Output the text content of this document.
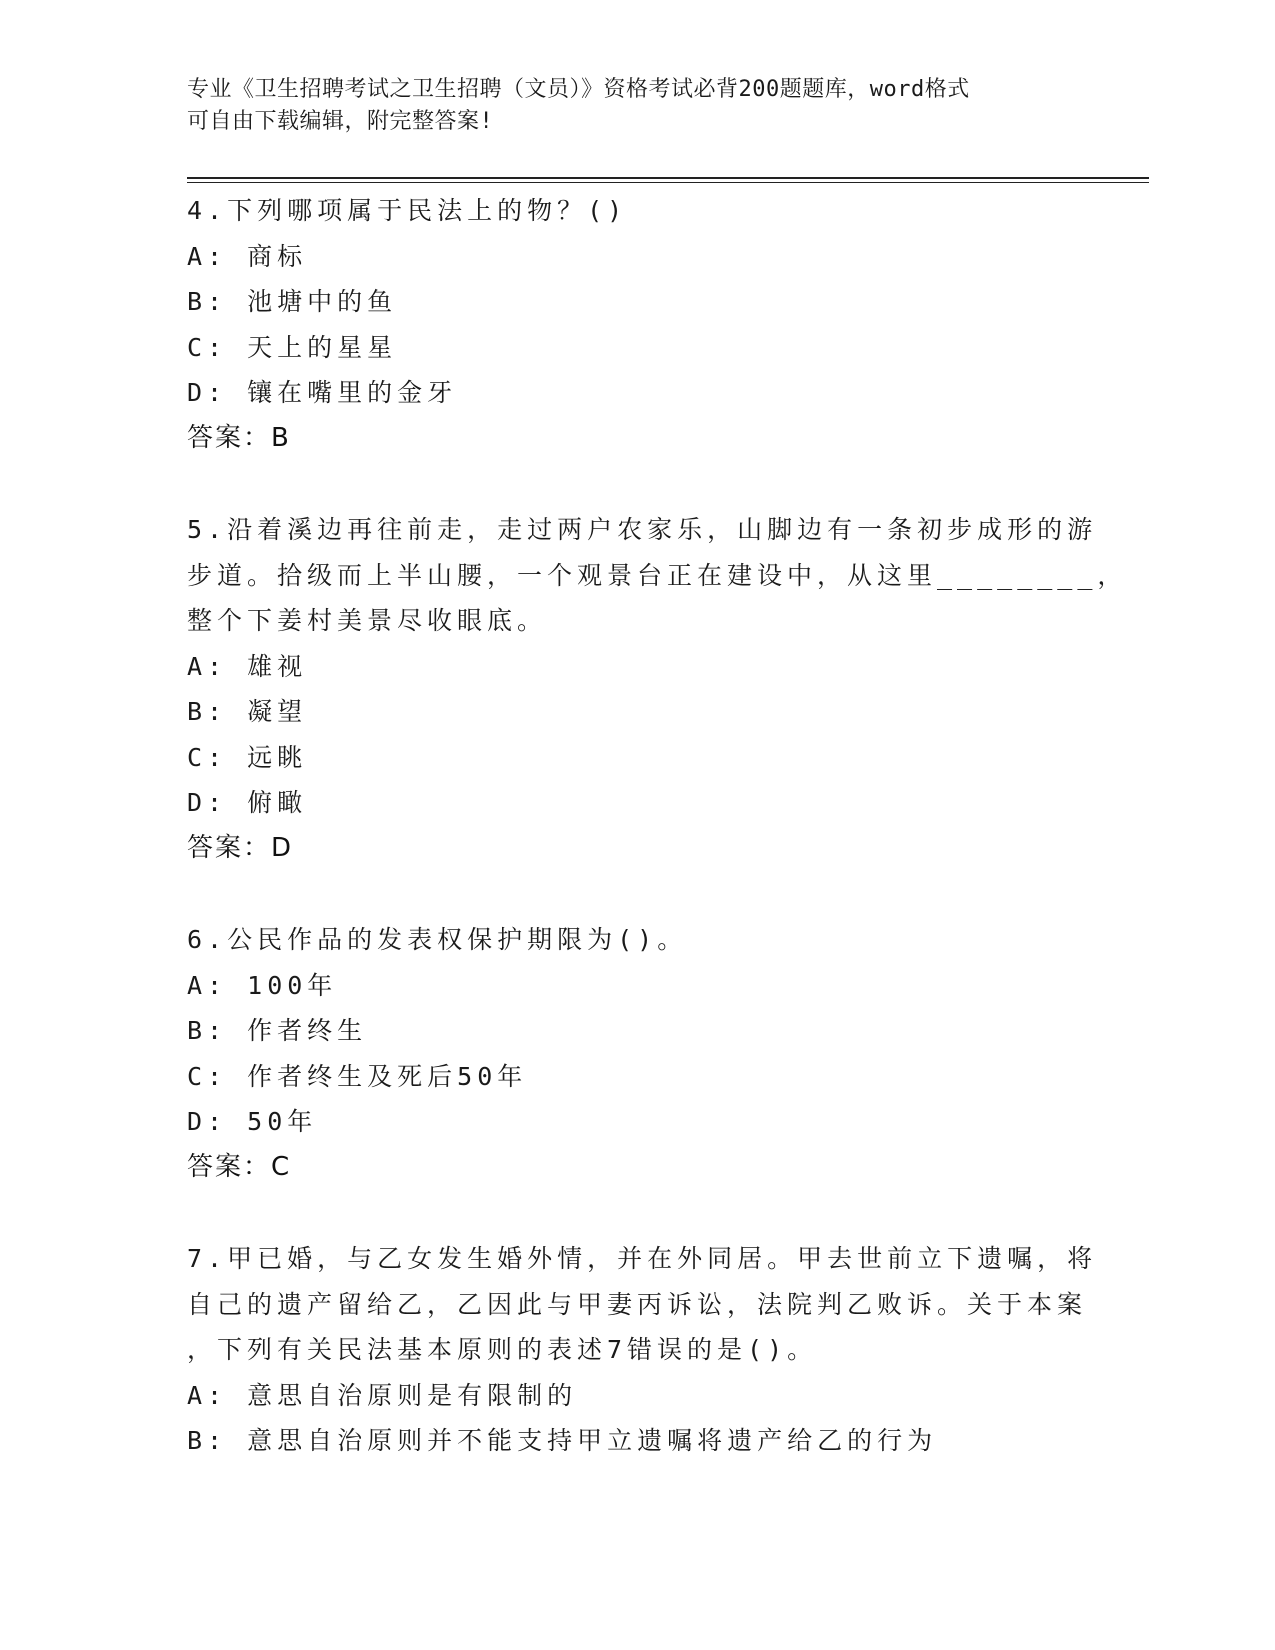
专业《卫生招聘考试之卫生招聘（文员）》资格考试必背200题题库，word格式
可自由下载编辑，附完整答案!
4.下列哪项属于民法上的物？()
A: 商标
B: 池塘中的鱼
C: 天上的星星
D: 镶在嘴里的金牙
答案：B
5.沿着溪边再往前走，走过两户农家乐，山脚边有一条初步成形的游
步道。拾级而上半山腰，一个观景台正在建设中，从这里________，
整个下姜村美景尽收眼底。
A: 雄视
B: 凝望
C: 远眺
D: 俯瞰
答案：D
6.公民作品的发表权保护期限为()。
A: 100年
B: 作者终生
C: 作者终生及死后50年
D: 50年
答案：C
7.甲已婚，与乙女发生婚外情，并在外同居。甲去世前立下遗嘱，将
自己的遗产留给乙，乙因此与甲妻丙诉讼，法院判乙败诉。关于本案
，下列有关民法基本原则的表述7错误的是()。
A: 意思自治原则是有限制的
B: 意思自治原则并不能支持甲立遗嘱将遗产给乙的行为
